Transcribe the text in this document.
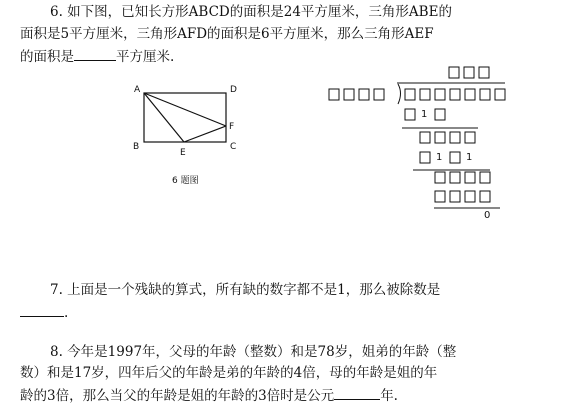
6. 如下图，已知长方形ABCD的面积是24平方厘米，三角形ABE的
面积是5平方厘米，三角形AFD的面积是6平方厘米，那么三角形AEF
的面积是	平方厘米.
A	D
F
B	C
E
6 题图
1
1 1
0
7. 上面是一个残缺的算式，所有缺的数字都不是1，那么被除数是
.
8. 今年是1997年，父母的年龄（整数）和是78岁，姐弟的年龄（整
数）和是17岁，四年后父的年龄是弟的年龄的4倍，母的年龄是姐的年
龄的3倍，那么当父的年龄是姐的年龄的3倍时是公元	年.
